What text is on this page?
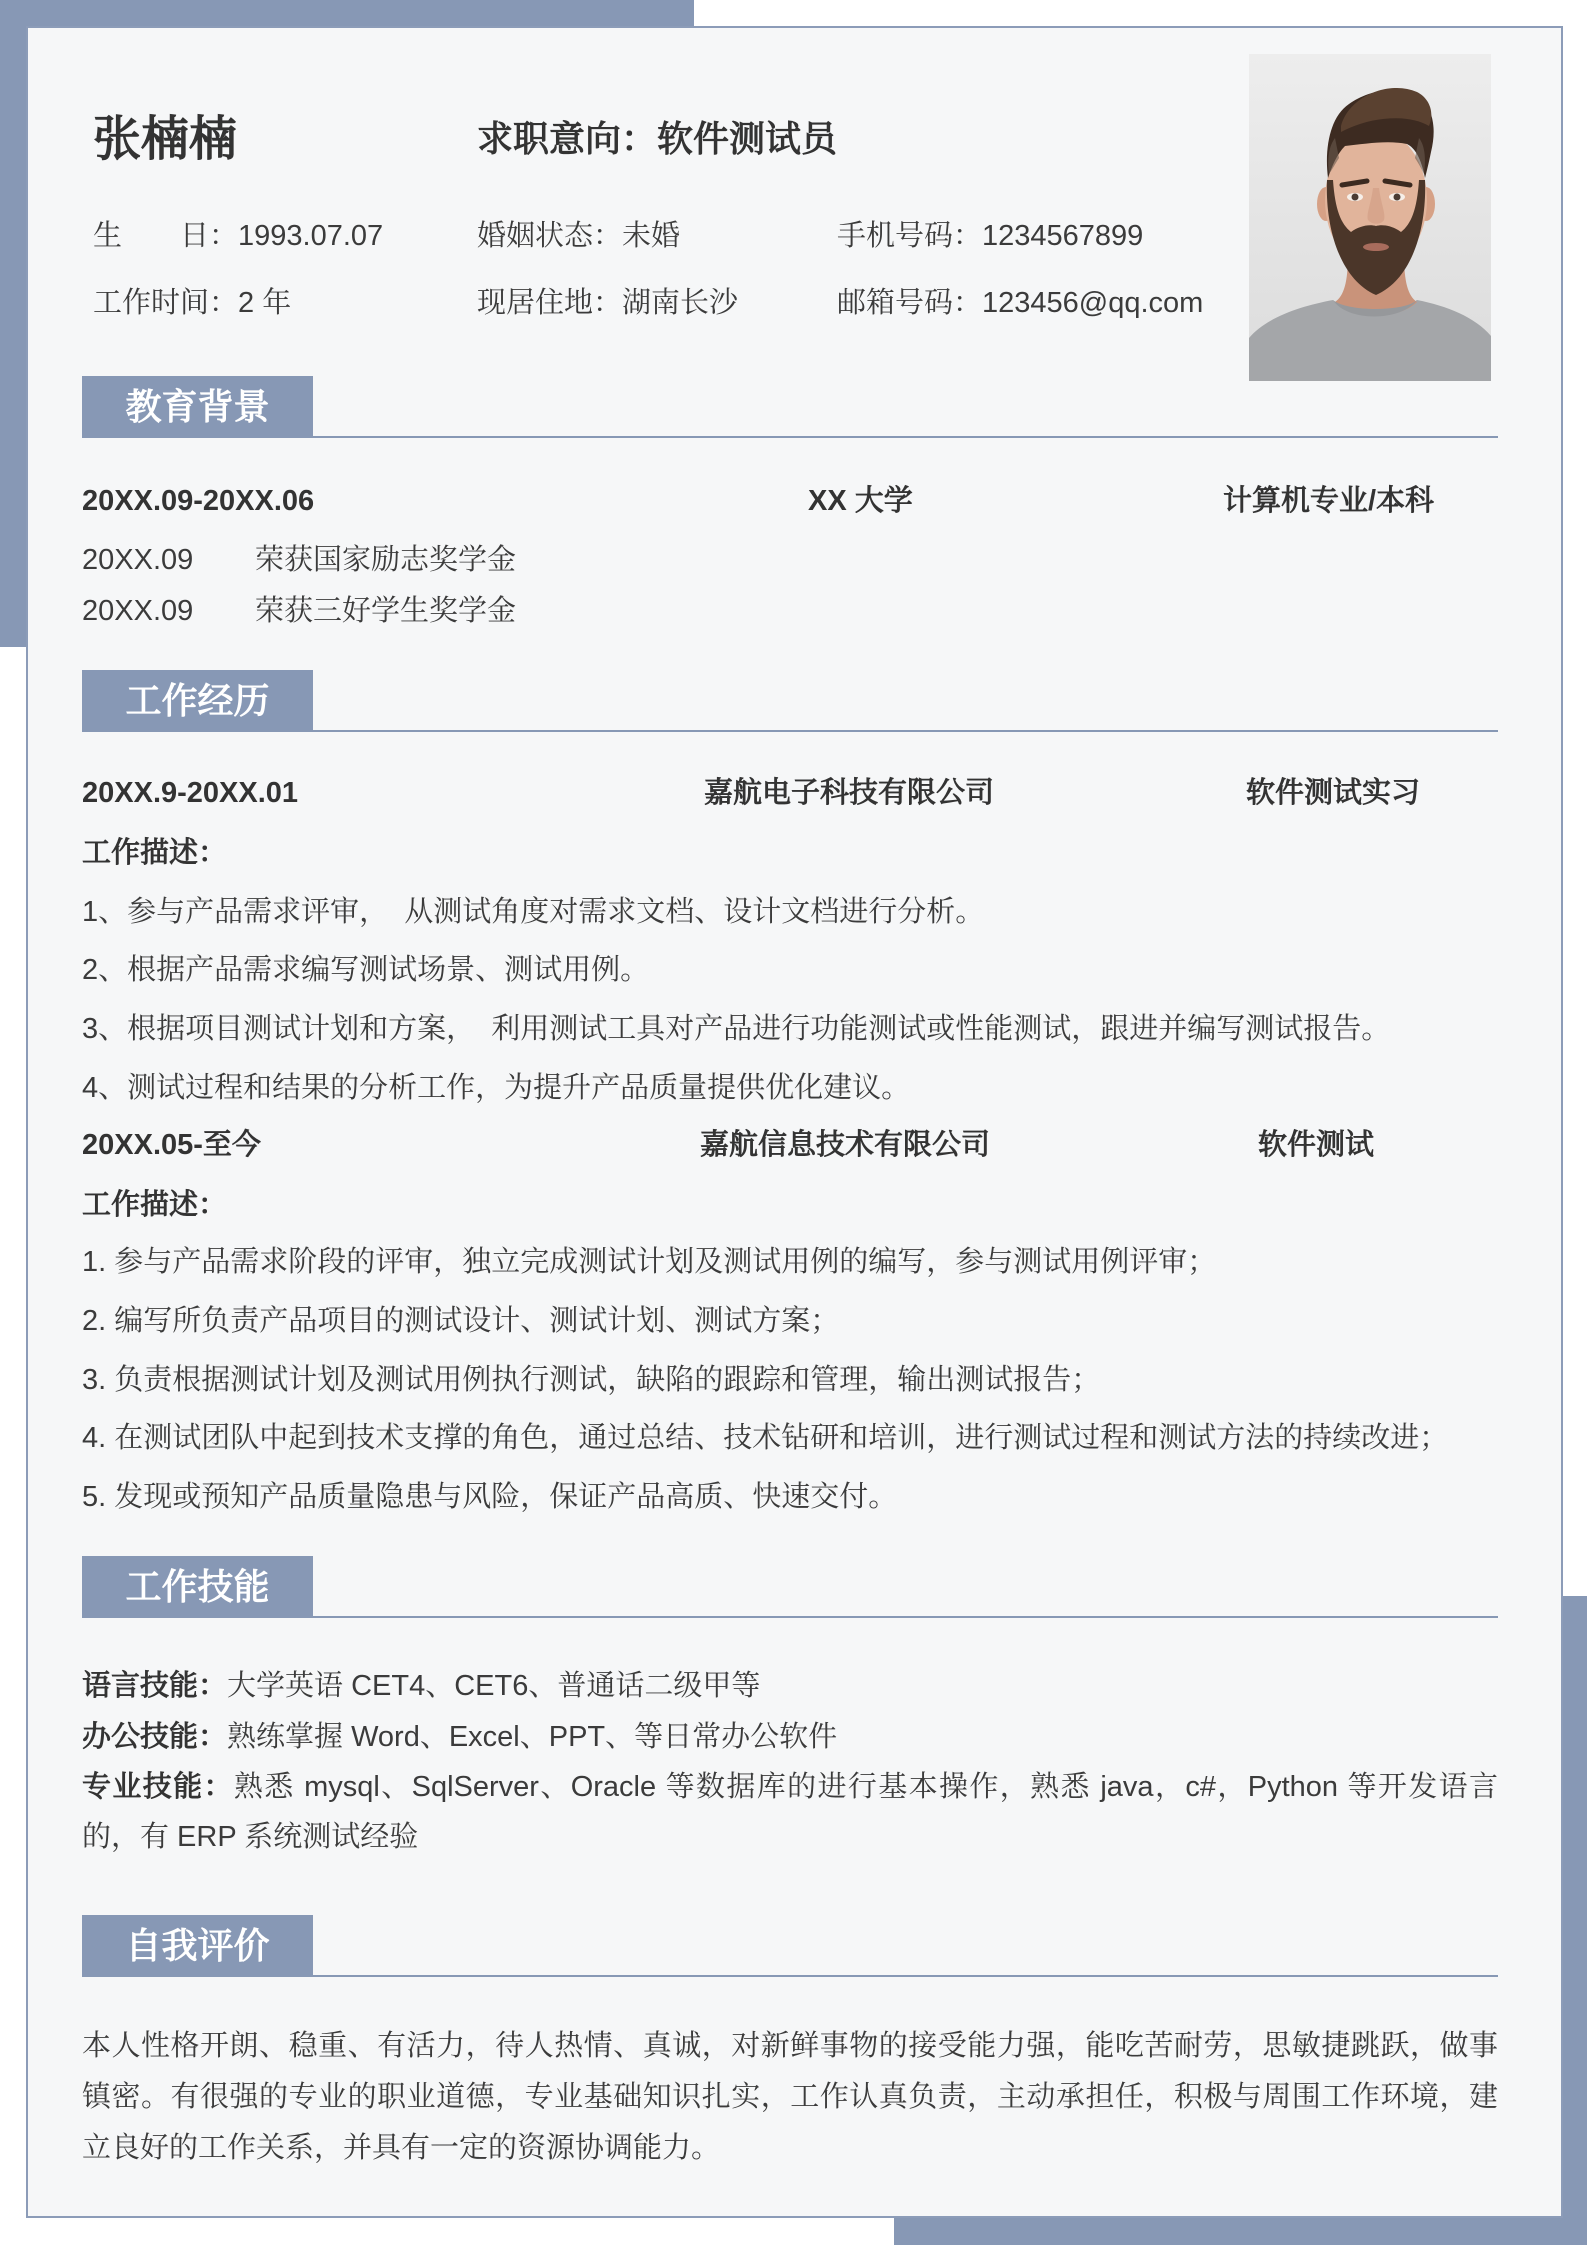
张楠楠	求职意向：软件测试员
生　　日：1993.07.07	婚姻状态：未婚	手机号码：1234567899
工作时间：2 年	现居住地：湖南长沙	邮箱号码：123456@qq.com
教育背景
20XX.09-20XX.06	XX 大学	计算机专业/本科
20XX.09 荣获国家励志奖学金
20XX.09 荣获三好学生奖学金
工作经历
20XX.9-20XX.01	嘉航电子科技有限公司	软件测试实习
工作描述：
1、参与产品需求评审，  从测试角度对需求文档、设计文档进行分析。
2、根据产品需求编写测试场景、测试用例。
3、根据项目测试计划和方案，  利用测试工具对产品进行功能测试或性能测试，跟进并编写测试报告。
4、测试过程和结果的分析工作，为提升产品质量提供优化建议。
20XX.05-至今	嘉航信息技术有限公司	软件测试
工作描述：
1. 参与产品需求阶段的评审，独立完成测试计划及测试用例的编写，参与测试用例评审；
2. 编写所负责产品项目的测试设计、测试计划、测试方案；
3. 负责根据测试计划及测试用例执行测试，缺陷的跟踪和管理，输出测试报告；
4. 在测试团队中起到技术支撑的角色，通过总结、技术钻研和培训，进行测试过程和测试方法的持续改进；
5. 发现或预知产品质量隐患与风险，保证产品高质、快速交付。
工作技能
语言技能：大学英语 CET4、CET6、普通话二级甲等
办公技能：熟练掌握 Word、Excel、PPT、等日常办公软件
专业技能：熟悉 mysql、SqlServer、Oracle 等数据库的进行基本操作，熟悉 java，c#，Python 等开发语言的，有 ERP 系统测试经验
自我评价
本人性格开朗、稳重、有活力，待人热情、真诚，对新鲜事物的接受能力强，能吃苦耐劳，思敏捷跳跃，做事镇密。有很强的专业的职业道德，专业基础知识扎实，工作认真负责，主动承担任，积极与周围工作环境，建立良好的工作关系，并具有一定的资源协调能力。
